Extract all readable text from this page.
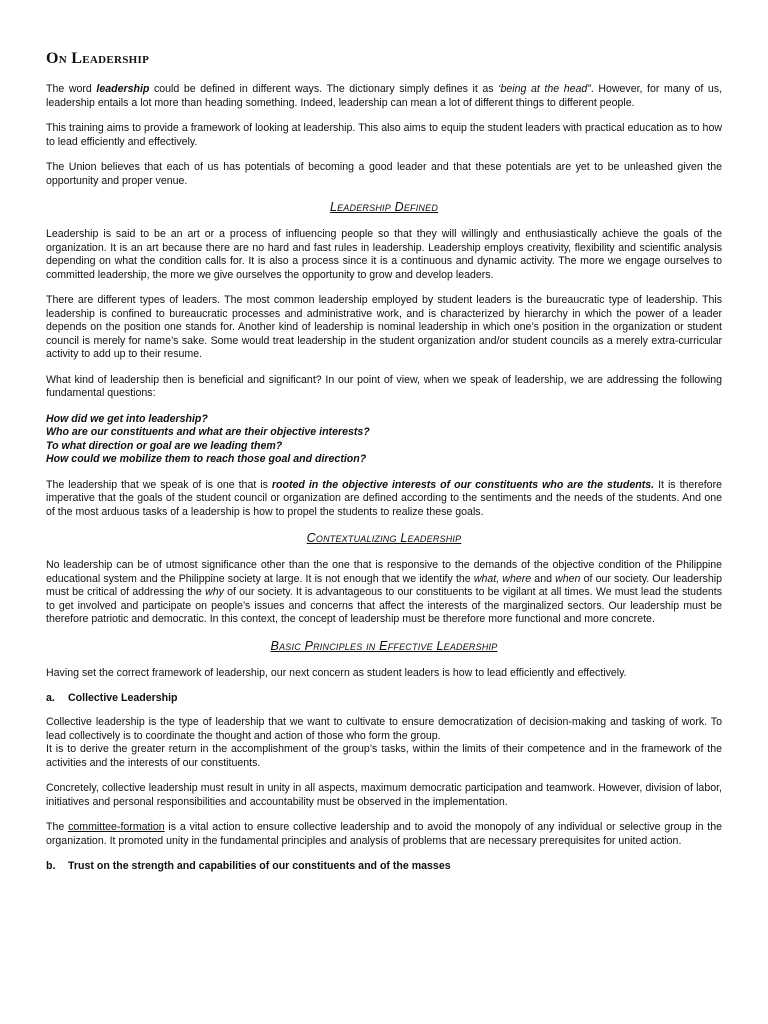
On Leadership

The word leadership could be defined in different ways. The dictionary simply defines it as ‘being at the head”. However, for many of us, leadership entails a lot more than heading something. Indeed, leadership can mean a lot of different things to different people.

This training aims to provide a framework of looking at leadership. This also aims to equip the student leaders with practical education as to how to lead efficiently and effectively.

The Union believes that each of us has potentials of becoming a good leader and that these potentials are yet to be unleashed given the opportunity and proper venue.

Leadership Defined

Leadership is said to be an art or a process of influencing people so that they will willingly and enthusiastically achieve the goals of the organization. It is an art because there are no hard and fast rules in leadership. Leadership employs creativity, flexibility and scientific analysis depending on what the condition calls for. It is also a process since it is a continuous and dynamic activity. The more we engage ourselves to committed leadership, the more we give ourselves the opportunity to grow and develop leaders.

There are different types of leaders. The most common leadership employed by student leaders is the bureaucratic type of leadership. This leadership is confined to bureaucratic processes and administrative work, and is characterized by hierarchy in which the power of a leader depends on the position one stands for. Another kind of leadership is nominal leadership in which one’s position in the organization or student council is merely for name’s sake. Some would treat leadership in the student organization and/or student councils as a merely extra-curricular activity to add up to their resume.

What kind of leadership then is beneficial and significant? In our point of view, when we speak of leadership, we are addressing the following fundamental questions:

How did we get into leadership?
Who are our constituents and what are their objective interests?
To what direction or goal are we leading them?
How could we mobilize them to reach those goal and direction?

The leadership that we speak of is one that is rooted in the objective interests of our constituents who are the students. It is therefore imperative that the goals of the student council or organization are defined according to the sentiments and the needs of the students. And one of the most arduous tasks of a leadership is how to propel the students to realize these goals.

Contextualizing Leadership

No leadership can be of utmost significance other than the one that is responsive to the demands of the objective condition of the Philippine educational system and the Philippine society at large. It is not enough that we identify the what, where and when of our society. Our leadership must be critical of addressing the why of our society. It is advantageous to our constituents to be vigilant at all times. We must lead the students to get involved and participate on people’s issues and concerns that affect the interests of the marginalized sectors. Our leadership must be therefore patriotic and democratic. In this context, the concept of leadership must be therefore more functional and more concrete.

Basic Principles in Effective Leadership

Having set the correct framework of leadership, our next concern as student leaders is how to lead efficiently and effectively.

a. Collective Leadership

Collective leadership is the type of leadership that we want to cultivate to ensure democratization of decision-making and tasking of work. To lead collectively is to coordinate the thought and action of those who form the group.

It is to derive the greater return in the accomplishment of the group’s tasks, within the limits of their competence and in the framework of the activities and the interests of our constituents.

Concretely, collective leadership must result in unity in all aspects, maximum democratic participation and teamwork. However, division of labor, initiatives and personal responsibilities and accountability must be observed in the implementation.

The committee-formation is a vital action to ensure collective leadership and to avoid the monopoly of any individual or selective group in the organization. It promoted unity in the fundamental principles and analysis of problems that are necessary prerequisites for united action.

b. Trust on the strength and capabilities of our constituents and of the masses
